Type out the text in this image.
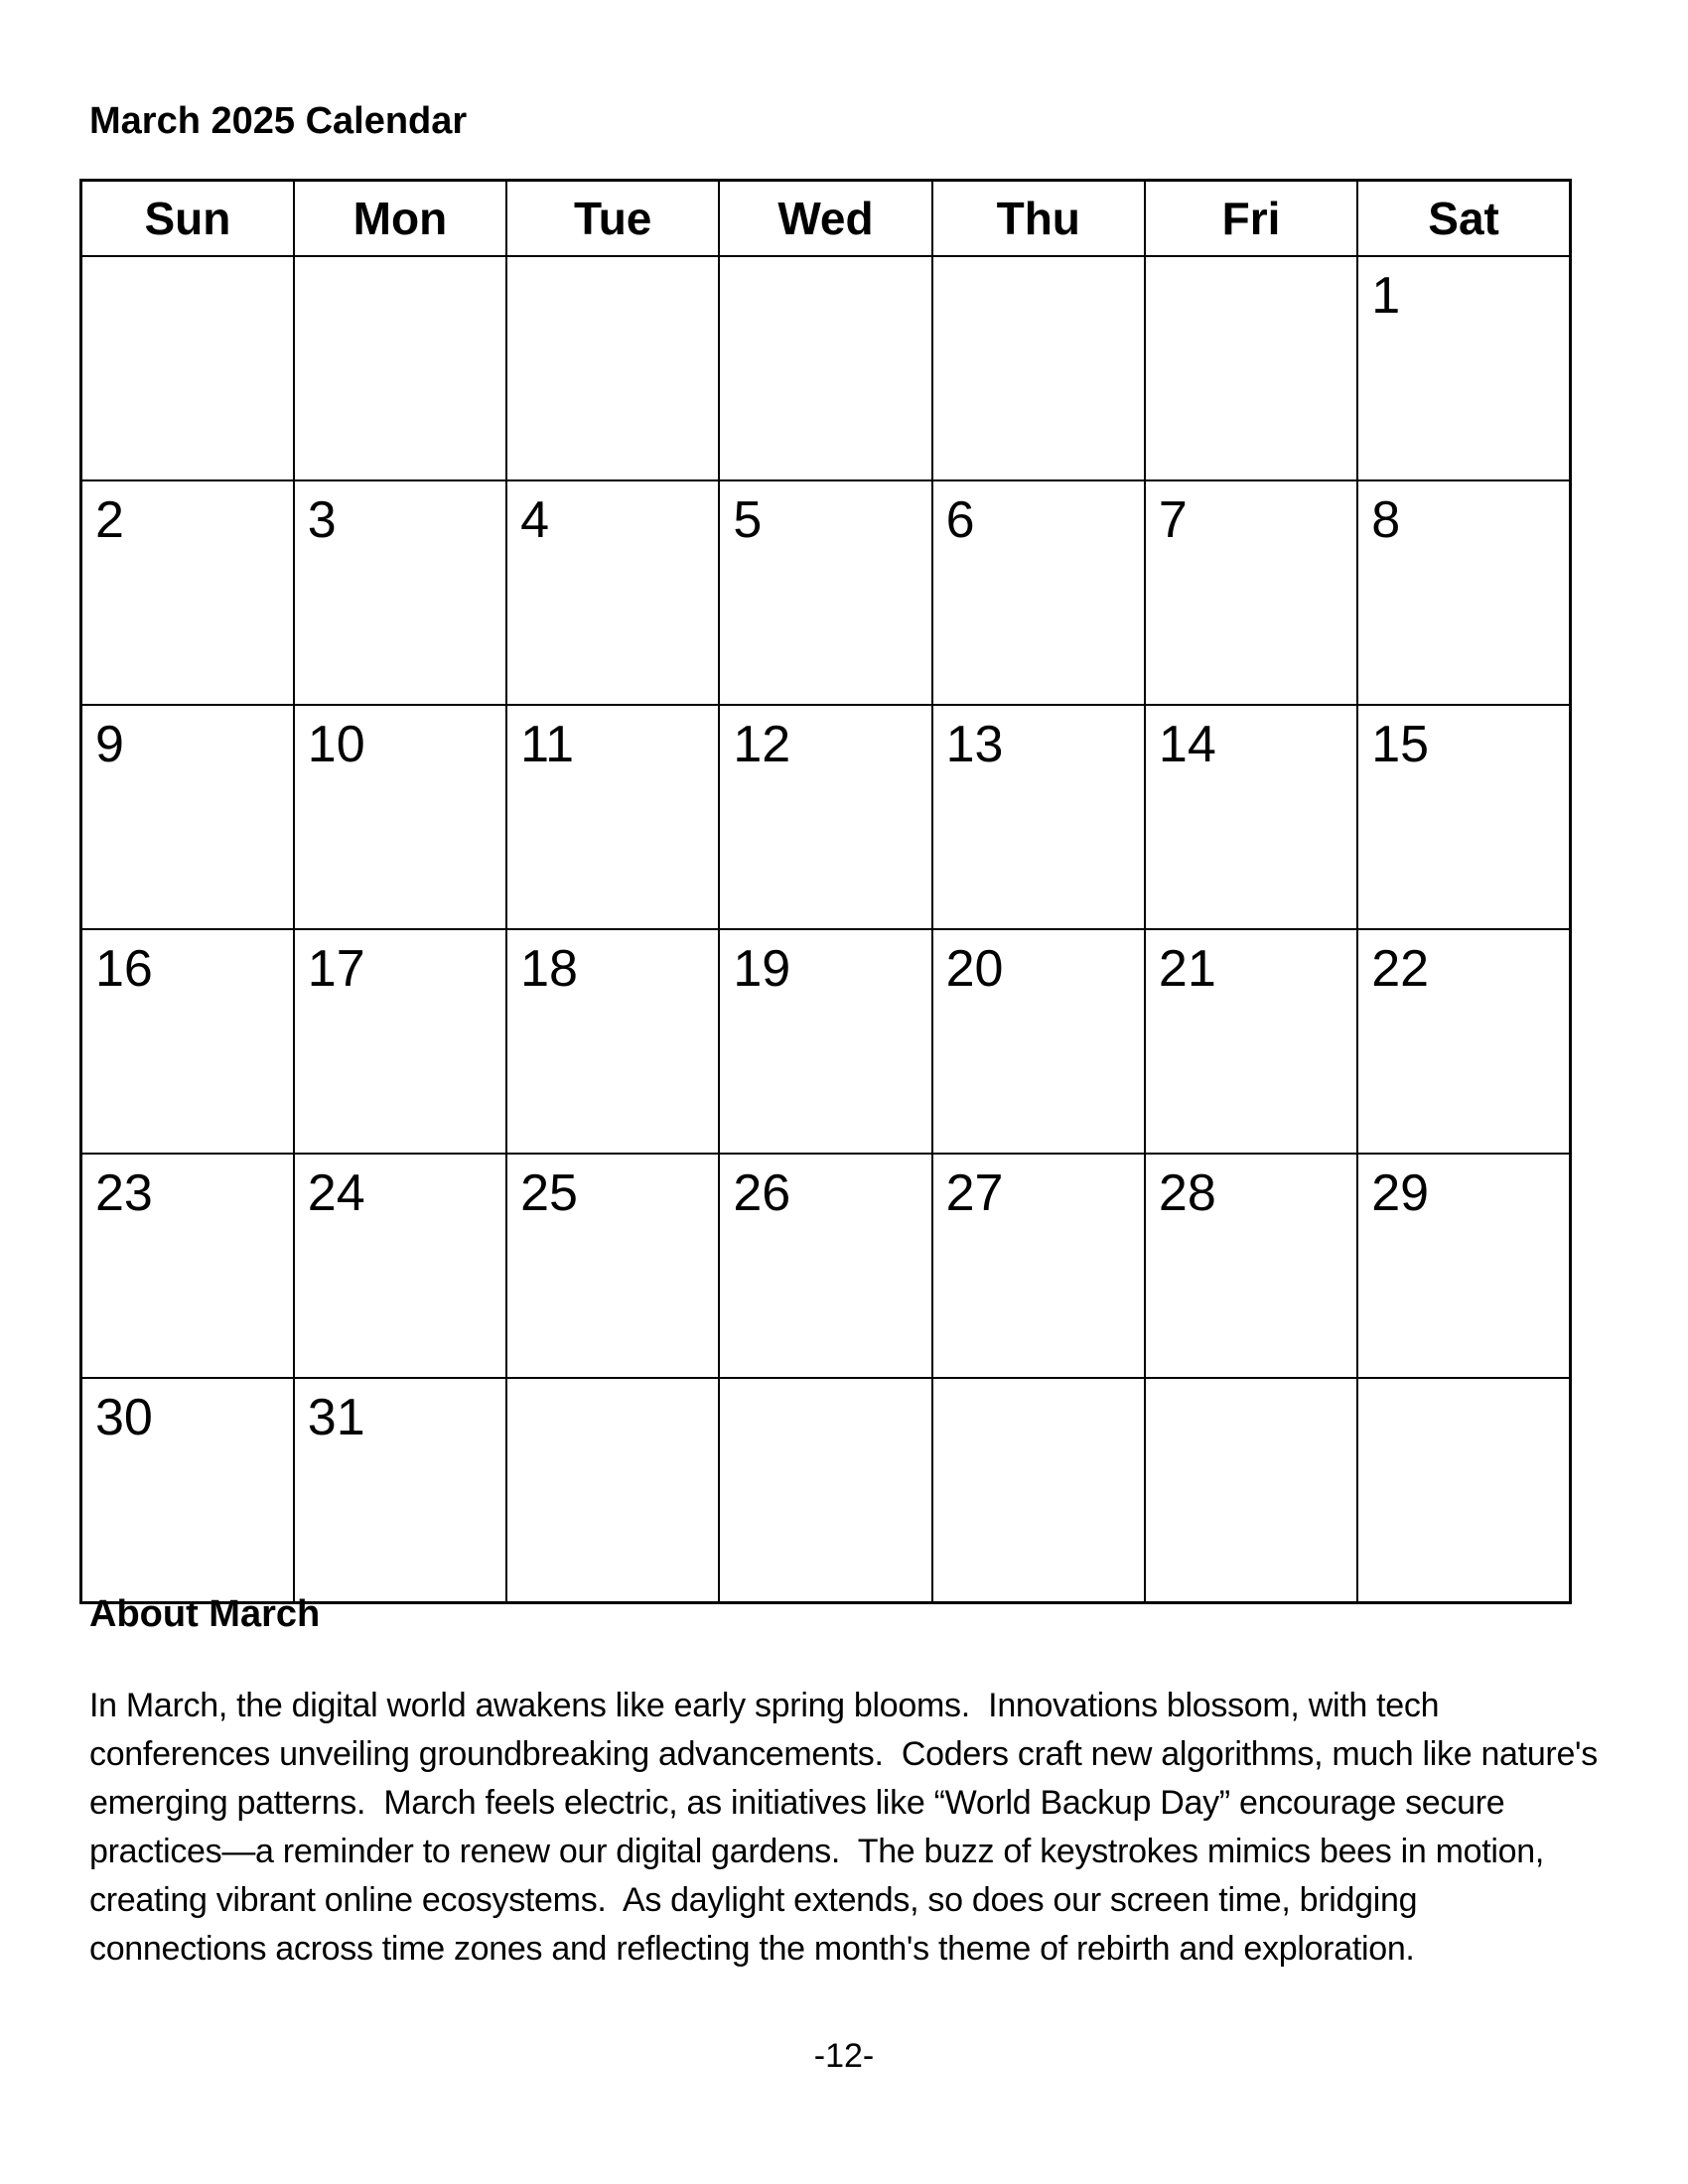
March 2025 Calendar
Sun	Mon	Tue	Wed	Thu	Fri	Sat
						1
2	3	4	5	6	7	8
9	10	11	12	13	14	15
16	17	18	19	20	21	22
23	24	25	26	27	28	29
30	31					
About March
In March, the digital world awakens like early spring blooms.  Innovations blossom, with tech
conferences unveiling groundbreaking advancements.  Coders craft new algorithms, much like nature's
emerging patterns.  March feels electric, as initiatives like “World Backup Day” encourage secure
practices—a reminder to renew our digital gardens.  The buzz of keystrokes mimics bees in motion,
creating vibrant online ecosystems.  As daylight extends, so does our screen time, bridging
connections across time zones and reflecting the month's theme of rebirth and exploration.
-12-
